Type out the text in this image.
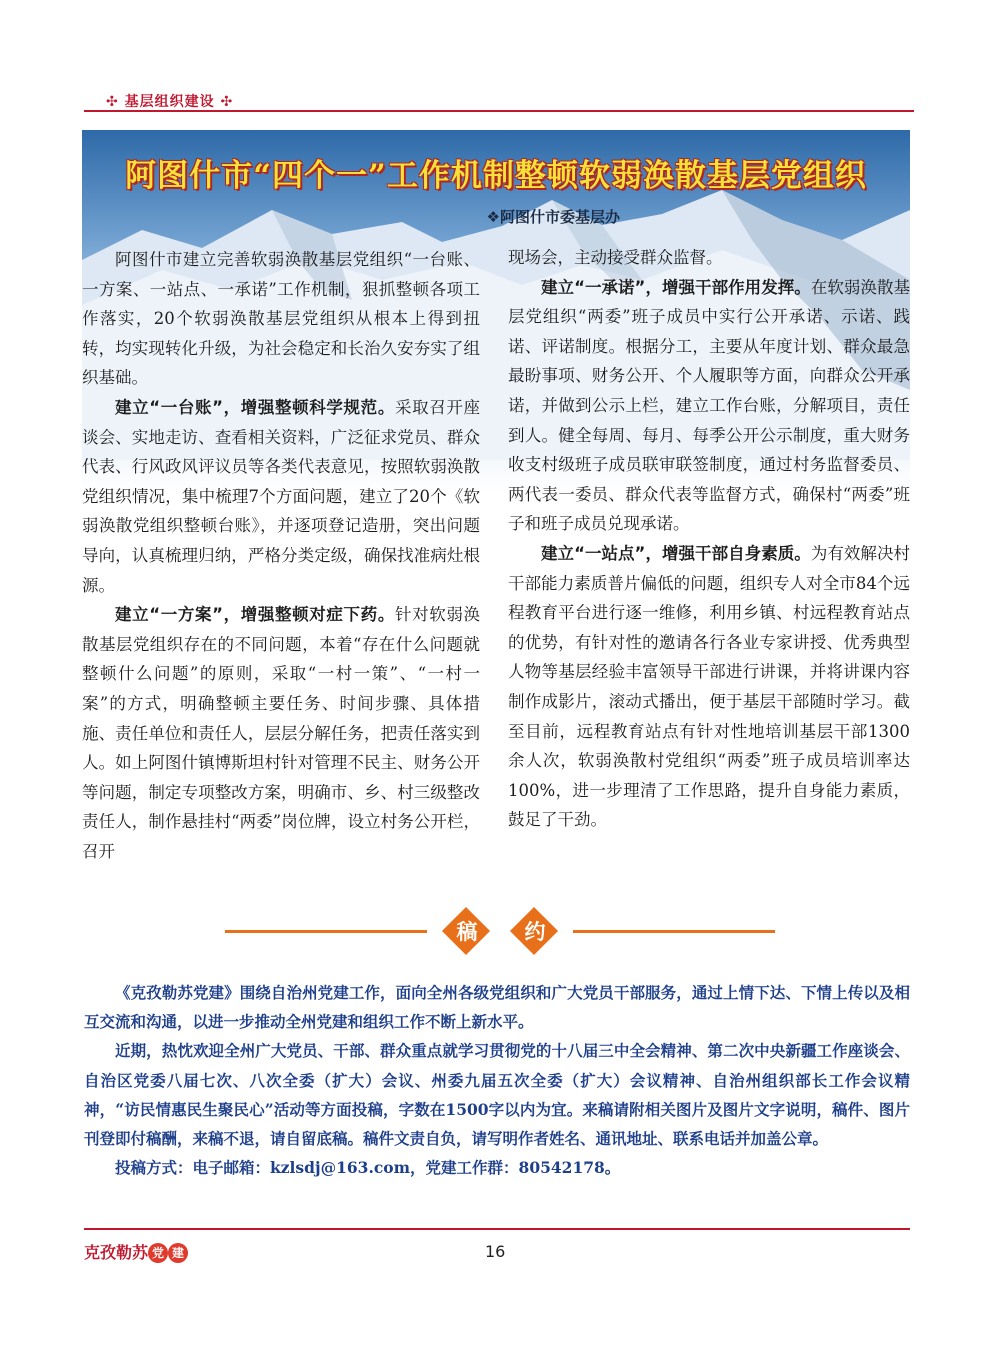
✣ 基层组织建设 ✣
阿图什市“四个一”工作机制整顿软弱涣散基层党组织
❖阿图什市委基层办

阿图什市建立完善软弱涣散基层党组织“一台账、一方案、一站点、一承诺”工作机制，狠抓整顿各项工作落实，20个软弱涣散基层党组织从根本上得到扭转，均实现转化升级，为社会稳定和长治久安夯实了组织基础。

建立“一台账”，增强整顿科学规范。采取召开座谈会、实地走访、查看相关资料，广泛征求党员、群众代表、行风政风评议员等各类代表意见，按照软弱涣散党组织情况，集中梳理7个方面问题，建立了20个《软弱涣散党组织整顿台账》，并逐项登记造册，突出问题导向，认真梳理归纳，严格分类定级，确保找准病灶根源。

建立“一方案”，增强整顿对症下药。针对软弱涣散基层党组织存在的不同问题，本着“存在什么问题就整顿什么问题”的原则，采取“一村一策”、“一村一案”的方式，明确整顿主要任务、时间步骤、具体措施、责任单位和责任人，层层分解任务，把责任落实到人。如上阿图什镇博斯坦村针对管理不民主、财务公开等问题，制定专项整改方案，明确市、乡、村三级整改责任人，制作悬挂村“两委”岗位牌，设立村务公开栏，召开

现场会，主动接受群众监督。

建立“一承诺”，增强干部作用发挥。在软弱涣散基层党组织“两委”班子成员中实行公开承诺、示诺、践诺、评诺制度。根据分工，主要从年度计划、群众最急最盼事项、财务公开、个人履职等方面，向群众公开承诺，并做到公示上栏，建立工作台账，分解项目，责任到人。健全每周、每月、每季公开公示制度，重大财务收支村级班子成员联审联签制度，通过村务监督委员、两代表一委员、群众代表等监督方式，确保村“两委”班子和班子成员兑现承诺。

建立“一站点”，增强干部自身素质。为有效解决村干部能力素质普片偏低的问题，组织专人对全市84个远程教育平台进行逐一维修，利用乡镇、村远程教育站点的优势，有针对性的邀请各行各业专家讲授、优秀典型人物等基层经验丰富领导干部进行讲课，并将讲课内容制作成影片，滚动式播出，便于基层干部随时学习。截至目前，远程教育站点有针对性地培训基层干部1300余人次，软弱涣散村党组织“两委”班子成员培训率达100%，进一步理清了工作思路，提升自身能力素质，鼓足了干劲。

稿	约

《克孜勒苏党建》围绕自治州党建工作，面向全州各级党组织和广大党员干部服务，通过上情下达、下情上传以及相互交流和沟通，以进一步推动全州党建和组织工作不断上新水平。

近期，热忱欢迎全州广大党员、干部、群众重点就学习贯彻党的十八届三中全会精神、第二次中央新疆工作座谈会、自治区党委八届七次、八次全委（扩大）会议、州委九届五次全委（扩大）会议精神、自治州组织部长工作会议精神，“访民情惠民生聚民心”活动等方面投稿，字数在1500字以内为宜。来稿请附相关图片及图片文字说明，稿件、图片刊登即付稿酬，来稿不退，请自留底稿。稿件文责自负，请写明作者姓名、通讯地址、联系电话并加盖公章。

投稿方式：电子邮箱：kzlsdj@163.com，党建工作群：80542178。

克孜勒苏 党 建	16
